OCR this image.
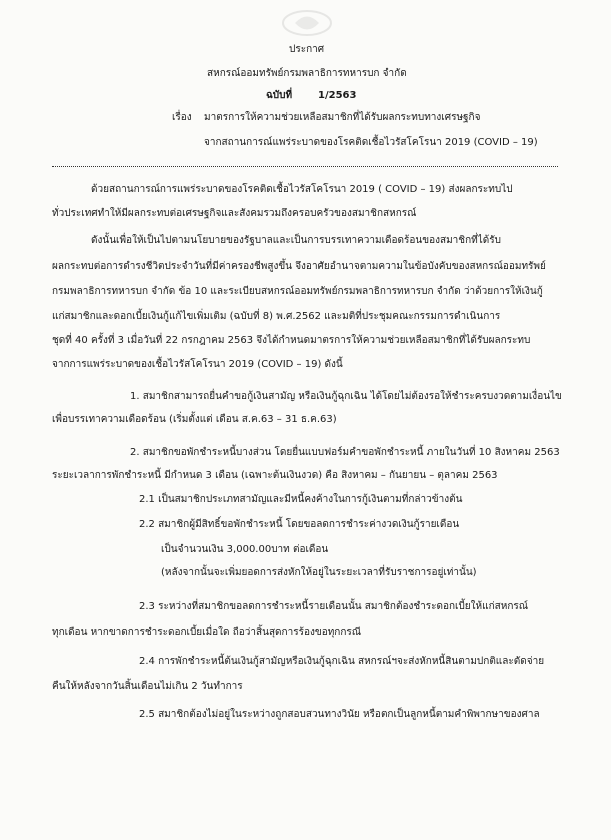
ประกาศ
สหกรณ์ออมทรัพย์กรมพลาธิการทหารบก จำกัด
ฉบับที่	1/2563
เรื่อง มาตรการให้ความช่วยเหลือสมาชิกที่ได้รับผลกระทบทางเศรษฐกิจ
จากสถานการณ์แพร่ระบาดของโรคติดเชื้อไวรัสโคโรนา 2019 (COVID – 19)
ด้วยสถานการณ์การแพร่ระบาดของโรคติดเชื้อไวรัสโคโรนา 2019 ( COVID – 19) ส่งผลกระทบไป
ทั่วประเทศทำให้มีผลกระทบต่อเศรษฐกิจและสังคมรวมถึงครอบครัวของสมาชิกสหกรณ์
ดังนั้นเพื่อให้เป็นไปตามนโยบายของรัฐบาลและเป็นการบรรเทาความเดือดร้อนของสมาชิกที่ได้รับ
ผลกระทบต่อการดำรงชีวิตประจำวันที่มีค่าครองชีพสูงขึ้น จึงอาศัยอำนาจตามความในข้อบังคับของสหกรณ์ออมทรัพย์
กรมพลาธิการทหารบก จำกัด ข้อ 10 และระเบียบสหกรณ์ออมทรัพย์กรมพลาธิการทหารบก จำกัด ว่าด้วยการให้เงินกู้
แก่สมาชิกและดอกเบี้ยเงินกู้แก้ไขเพิ่มเติม (ฉบับที่ 8) พ.ศ.2562 และมติที่ประชุมคณะกรรมการดำเนินการ
ชุดที่ 40 ครั้งที่ 3 เมื่อวันที่ 22 กรกฎาคม 2563 จึงได้กำหนดมาตรการให้ความช่วยเหลือสมาชิกที่ได้รับผลกระทบ
จากการแพร่ระบาดของเชื้อไวรัสโคโรนา 2019 (COVID – 19) ดังนี้
1. สมาชิกสามารถยื่นคำขอกู้เงินสามัญ หรือเงินกู้ฉุกเฉิน ได้โดยไม่ต้องรอให้ชำระครบงวดตามเงื่อนไข
เพื่อบรรเทาความเดือดร้อน (เริ่มตั้งแต่ เดือน ส.ค.63 – 31 ธ.ค.63)
2. สมาชิกขอพักชำระหนี้บางส่วน โดยยื่นแบบฟอร์มคำขอพักชำระหนี้ ภายในวันที่ 10 สิงหาคม 2563
ระยะเวลาการพักชำระหนี้ มีกำหนด 3 เดือน (เฉพาะต้นเงินงวด) คือ สิงหาคม – กันยายน – ตุลาคม 2563
2.1 เป็นสมาชิกประเภทสามัญและมีหนี้คงค้างในการกู้เงินตามที่กล่าวข้างต้น
2.2 สมาชิกผู้มีสิทธิ์ขอพักชำระหนี้ โดยขอลดการชำระค่างวดเงินกู้รายเดือน
เป็นจำนวนเงิน 3,000.00บาท ต่อเดือน
(หลังจากนั้นจะเพิ่มยอดการส่งหักให้อยู่ในระยะเวลาที่รับราชการอยู่เท่านั้น)
2.3 ระหว่างที่สมาชิกขอลดการชำระหนี้รายเดือนนั้น สมาชิกต้องชำระดอกเบี้ยให้แก่สหกรณ์
ทุกเดือน หากขาดการชำระดอกเบี้ยเมื่อใด ถือว่าสิ้นสุดการร้องขอทุกกรณี
2.4 การพักชำระหนี้ต้นเงินกู้สามัญหรือเงินกู้ฉุกเฉิน สหกรณ์ฯจะส่งหักหนี้สินตามปกติและตัดจ่าย
คืนให้หลังจากวันสิ้นเดือนไม่เกิน 2 วันทำการ
2.5 สมาชิกต้องไม่อยู่ในระหว่างถูกสอบสวนทางวินัย หรือตกเป็นลูกหนี้ตามคำพิพากษาของศาล
